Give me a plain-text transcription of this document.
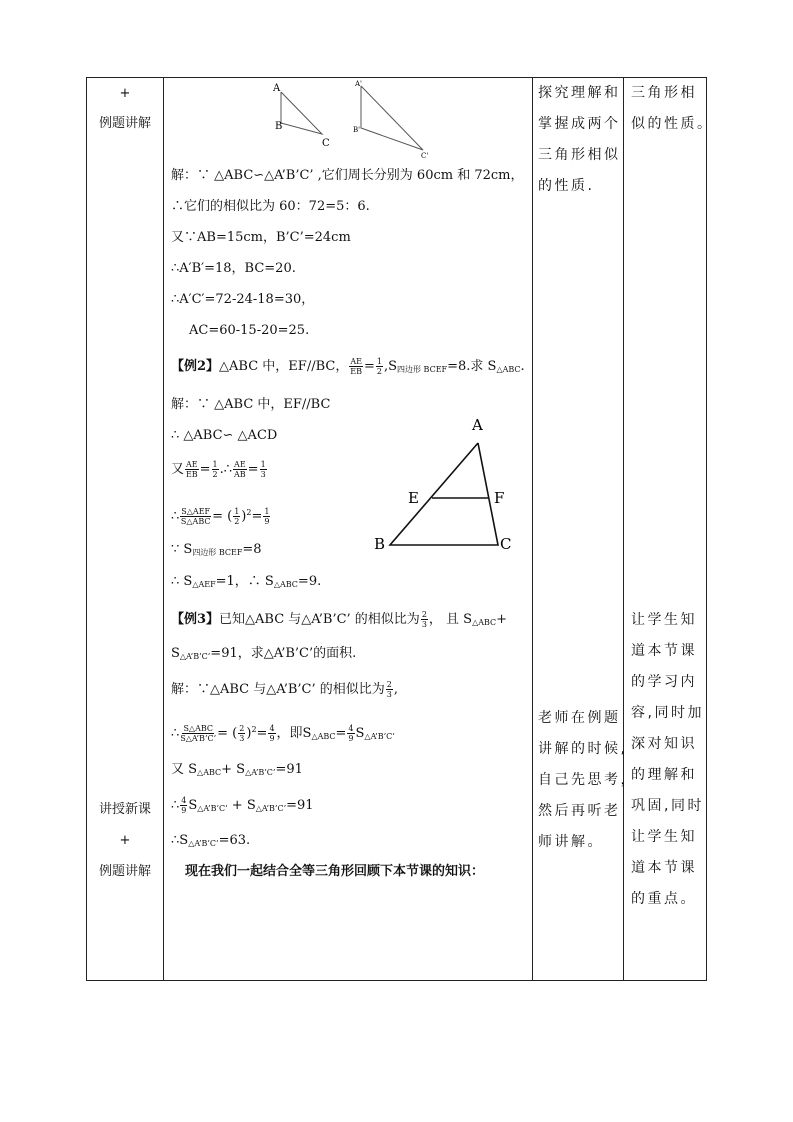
+
例题讲解
讲授新课
+
例题讲解
A
B
C
A'
B'
C'
解：∵ △ABC∽△A’B’C’ ,它们周长分别为 60cm 和 72cm，
∴它们的相似比为 60：72=5：6.
又∵AB=15cm，B’C’=24cm
∴A′B′=18，BC=20.
∴A′C′=72-24-18=30，
AC=60-15-20=25.
【例2】△ABC 中，EF//BC， $\frac{AE}{EB} = \frac{1}{2} ,S_{四边形 BCEF}=8$.求 $S_{\triangle ABC}$.
解：∵ △ABC 中，EF//BC
∴ △ABC∽ △ACD
又 $\frac{AE}{EB} = \frac{1}{2}$ .∴ $\frac{AE}{AB} = \frac{1}{3}$
∴ $\frac{\text{S△AEF}}{\text{S△ABC}}$ = ( $\frac{1}{2} )^2= \frac{1}{9}$
∵ $S_{四边形 BCEF}=8$
∴ $S_{\triangle AEF}=1$，∴ $S_{\triangle ABC}=9$.
A
B	C
E	F
【例3】已知△ABC 与△A’B’C’ 的相似比为 $\frac{2}{3}$ ， 且 $S_{\triangle ABC}+$
$S_{\triangle A’B’C’}=91$，求△A’B’C’的面积.
解：∵△ABC 与△A’B’C’ 的相似比为 $\frac{2}{3}$ ,
∴ $\frac{\text{S△ABC}}{S\triangle A’B’C’}$ = ( $\frac{2}{3} )^2= \frac{4}{9}$ ，即$S_{\triangle ABC}= \frac{4}{9} S_{\triangle A’B’C’}$
又 $S_{\triangle ABC}+ S_{\triangle A’B’C’}=91$
∴ $\frac{4}{9} S_{\triangle A’B’C’} + S_{\triangle A’B’C’}=91$
$\therefore S_{\triangle A’B’C’}=63$.
现在我们一起结合全等三角形回顾下本节课的知识：
探究理解和
掌握成两个
三角形相似
的性质.
老师在例题
讲解的时候,
自己先思考，
然后再听老
师讲解。
三角形相
似的性质。
让学生知
道本节课
的学习内
容,同时加
深对知识
的理解和
巩固,同时
让学生知
道本节课
的重点。
